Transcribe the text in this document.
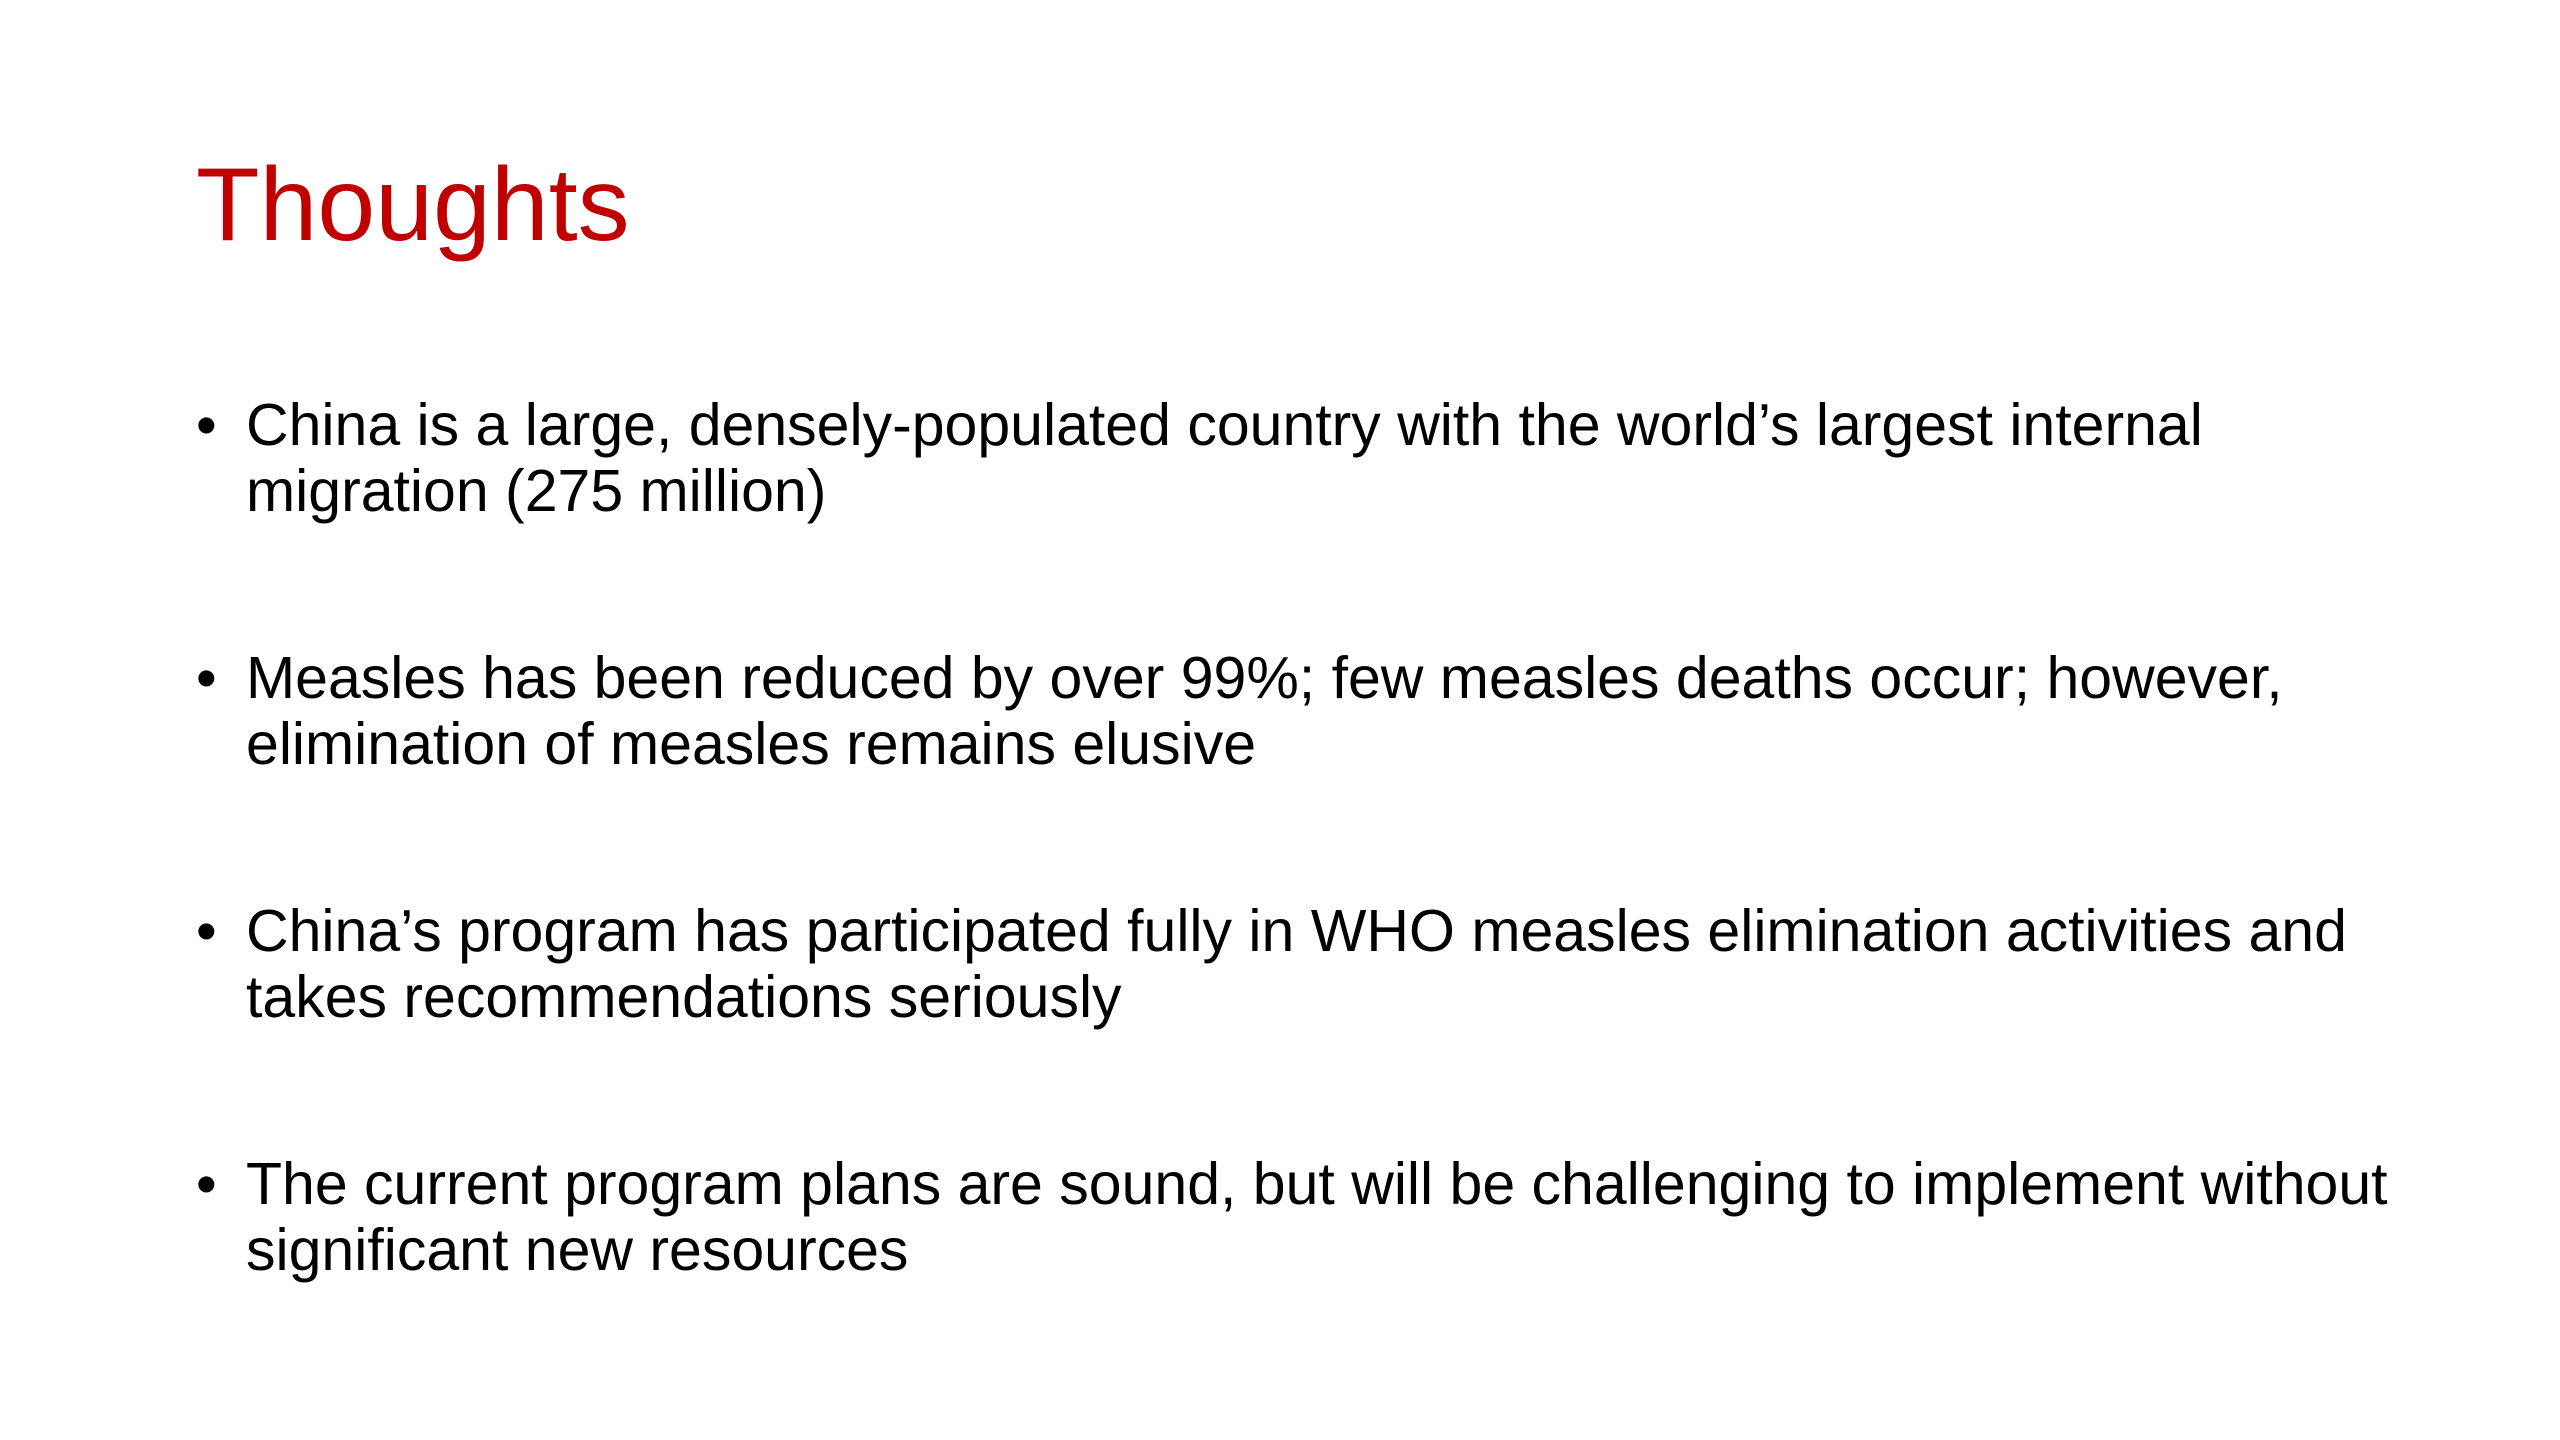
Thoughts
• China is a large, densely-populated country with the world’s largest internal migration (275 million)
• Measles has been reduced by over 99%; few measles deaths occur; however, elimination of measles remains elusive
• China’s program has participated fully in WHO measles elimination activities and takes recommendations seriously
• The current program plans are sound, but will be challenging to implement without significant new resources
